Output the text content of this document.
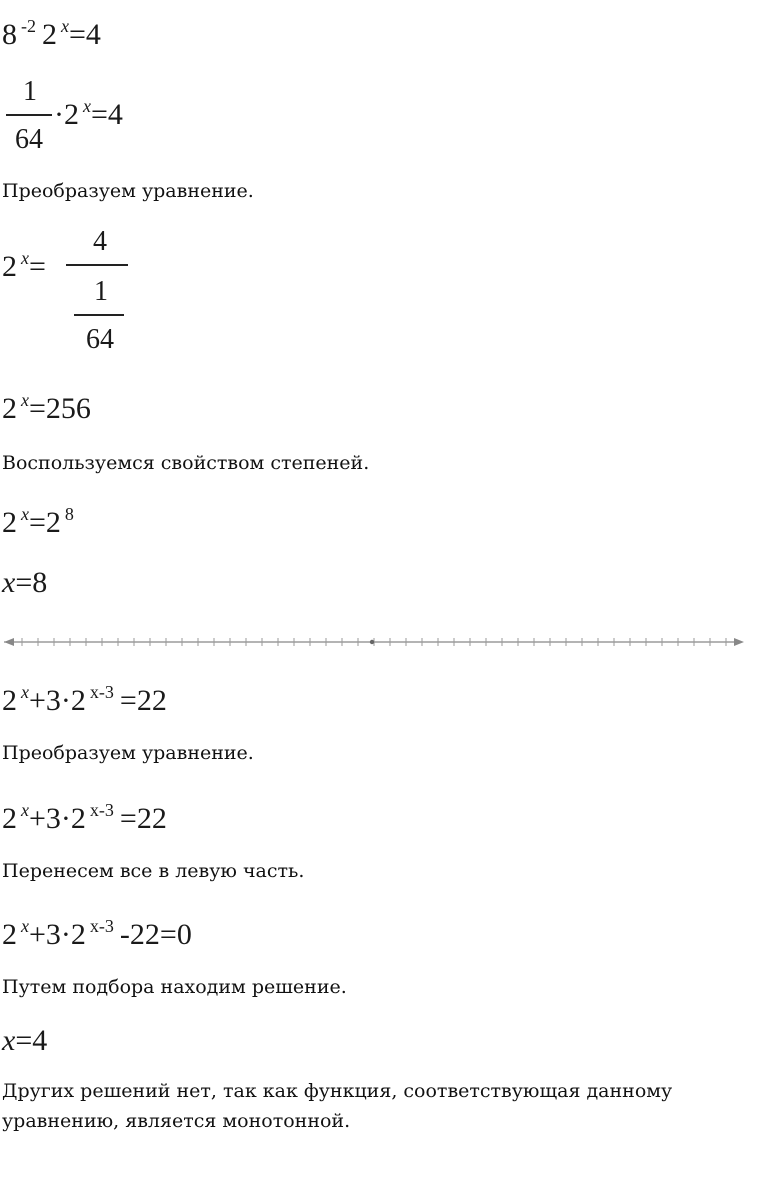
8 $^{-2}$ 2 $^x$=4
1
64
·2 $^x$=4
Преобразуем уравнение.
2 $^x$=
4
1
64
2 $^x$=256
Воспользуемся свойством степеней.
2 $^x$=2 $^8$
x=8
2 $^x$+3·2 $^{x-3}$ =22
Преобразуем уравнение.
2 $^x$+3·2 $^{x-3}$ =22
Перенесем все в левую часть.
2 $^x$+3·2 $^{x-3}$ -22=0
Путем подбора находим решение.
x=4
Других решений нет, так как функция, соответствующая данному уравнению, является монотонной.
